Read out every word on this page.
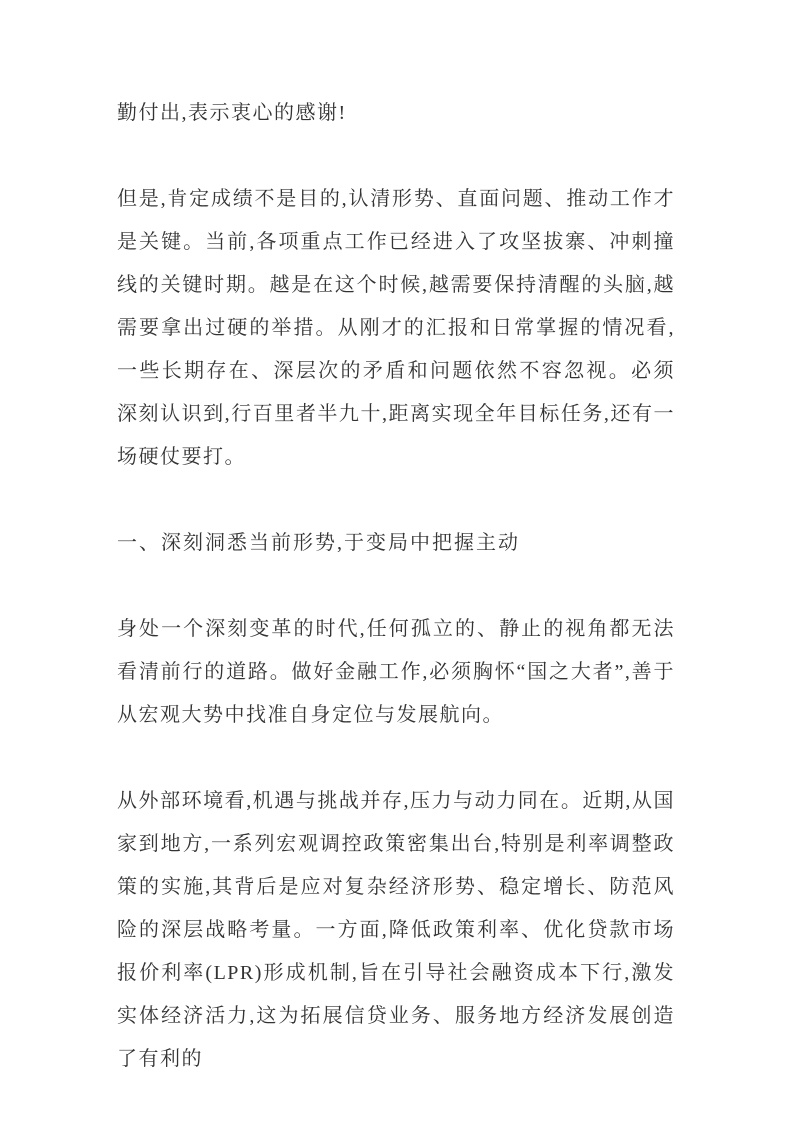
勤付出,表示衷心的感谢!

但是,肯定成绩不是目的,认清形势、直面问题、推动工作才是关键。当前,各项重点工作已经进入了攻坚拔寨、冲刺撞线的关键时期。越是在这个时候,越需要保持清醒的头脑,越需要拿出过硬的举措。从刚才的汇报和日常掌握的情况看,一些长期存在、深层次的矛盾和问题依然不容忽视。必须深刻认识到,行百里者半九十,距离实现全年目标任务,还有一场硬仗要打。

一、深刻洞悉当前形势,于变局中把握主动

身处一个深刻变革的时代,任何孤立的、静止的视角都无法看清前行的道路。做好金融工作,必须胸怀“国之大者”,善于从宏观大势中找准自身定位与发展航向。

从外部环境看,机遇与挑战并存,压力与动力同在。近期,从国家到地方,一系列宏观调控政策密集出台,特别是利率调整政策的实施,其背后是应对复杂经济形势、稳定增长、防范风险的深层战略考量。一方面,降低政策利率、优化贷款市场报价利率(LPR)形成机制,旨在引导社会融资成本下行,激发实体经济活力,这为拓展信贷业务、服务地方经济发展创造了有利的
